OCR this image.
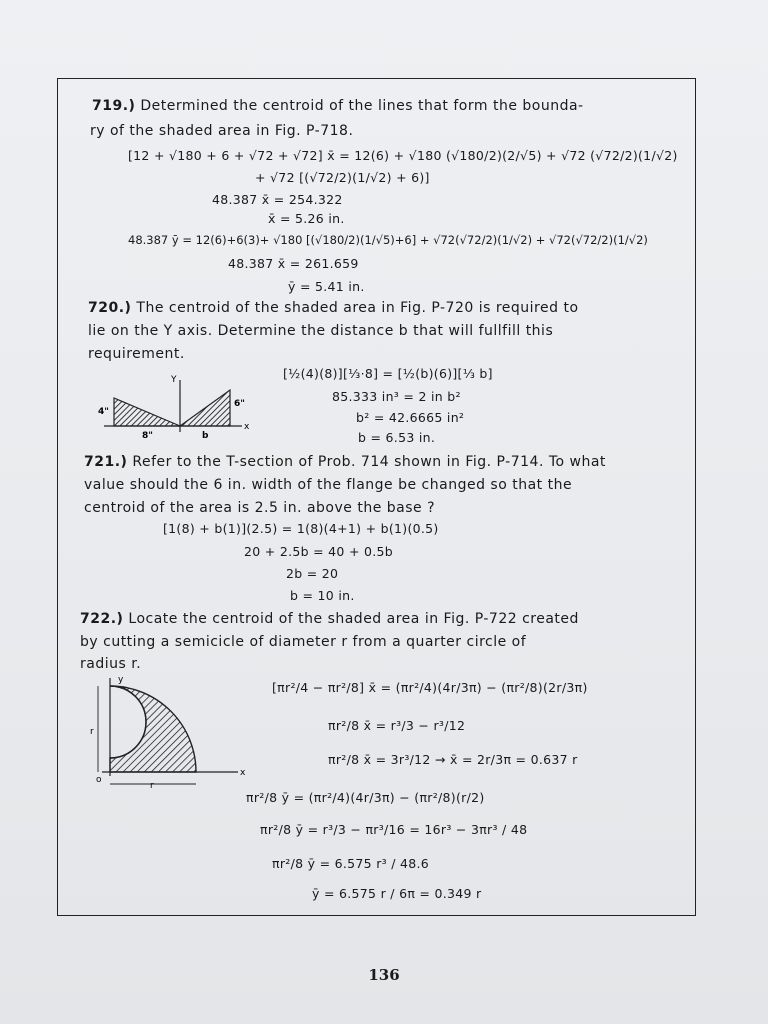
719.) Determined the centroid of the lines that form the bounda-
ry of the shaded area in Fig. P-718.
[12 + √180 + 6 + √72 + √72] x̄ = 12(6) + √180 (√180/2)(2/√5) + √72 (√72/2)(1/√2)
+ √72 [(√72/2)(1/√2) + 6)]
48.387 x̄ = 254.322
x̄ = 5.26 in.
48.387 ȳ = 12(6)+6(3)+ √180 [(√180/2)(1/√5)+6] + √72(√72/2)(1/√2) + √72(√72/2)(1/√2)
48.387 x̄ = 261.659
ȳ = 5.41 in.
720.) The centroid of the shaded area in Fig. P-720 is required to
lie on the Y axis. Determine the distance b that will fullfill this
requirement.
Y
x
4"
6"
8"	b
[½(4)(8)][⅓·8] = [½(b)(6)][⅓ b]
85.333 in³ = 2 in b²
b² = 42.6665 in²
b = 6.53 in.
721.) Refer to the T-section of Prob. 714 shown in Fig. P-714. To what
value should the 6 in. width of the flange be changed so that the
centroid of the area is 2.5 in. above the base ?
[1(8) + b(1)](2.5) = 1(8)(4+1) + b(1)(0.5)
20 + 2.5b = 40 + 0.5b
2b = 20
b = 10 in.
722.) Locate the centroid of the shaded area in Fig. P-722 created
by cutting a semicicle of diameter r from a quarter circle of
radius r.
y
x
o
r
r
[πr²/4 − πr²/8] x̄ = (πr²/4)(4r/3π) − (πr²/8)(2r/3π)
πr²/8 x̄ = r³/3 − r³/12
πr²/8 x̄ = 3r³/12 → x̄ = 2r/3π = 0.637 r
πr²/8 ȳ = (πr²/4)(4r/3π) − (πr²/8)(r/2)
πr²/8 ȳ = r³/3 − πr³/16 = 16r³ − 3πr³ / 48
πr²/8 ȳ = 6.575 r³ / 48.6
ȳ = 6.575 r / 6π = 0.349 r
136
